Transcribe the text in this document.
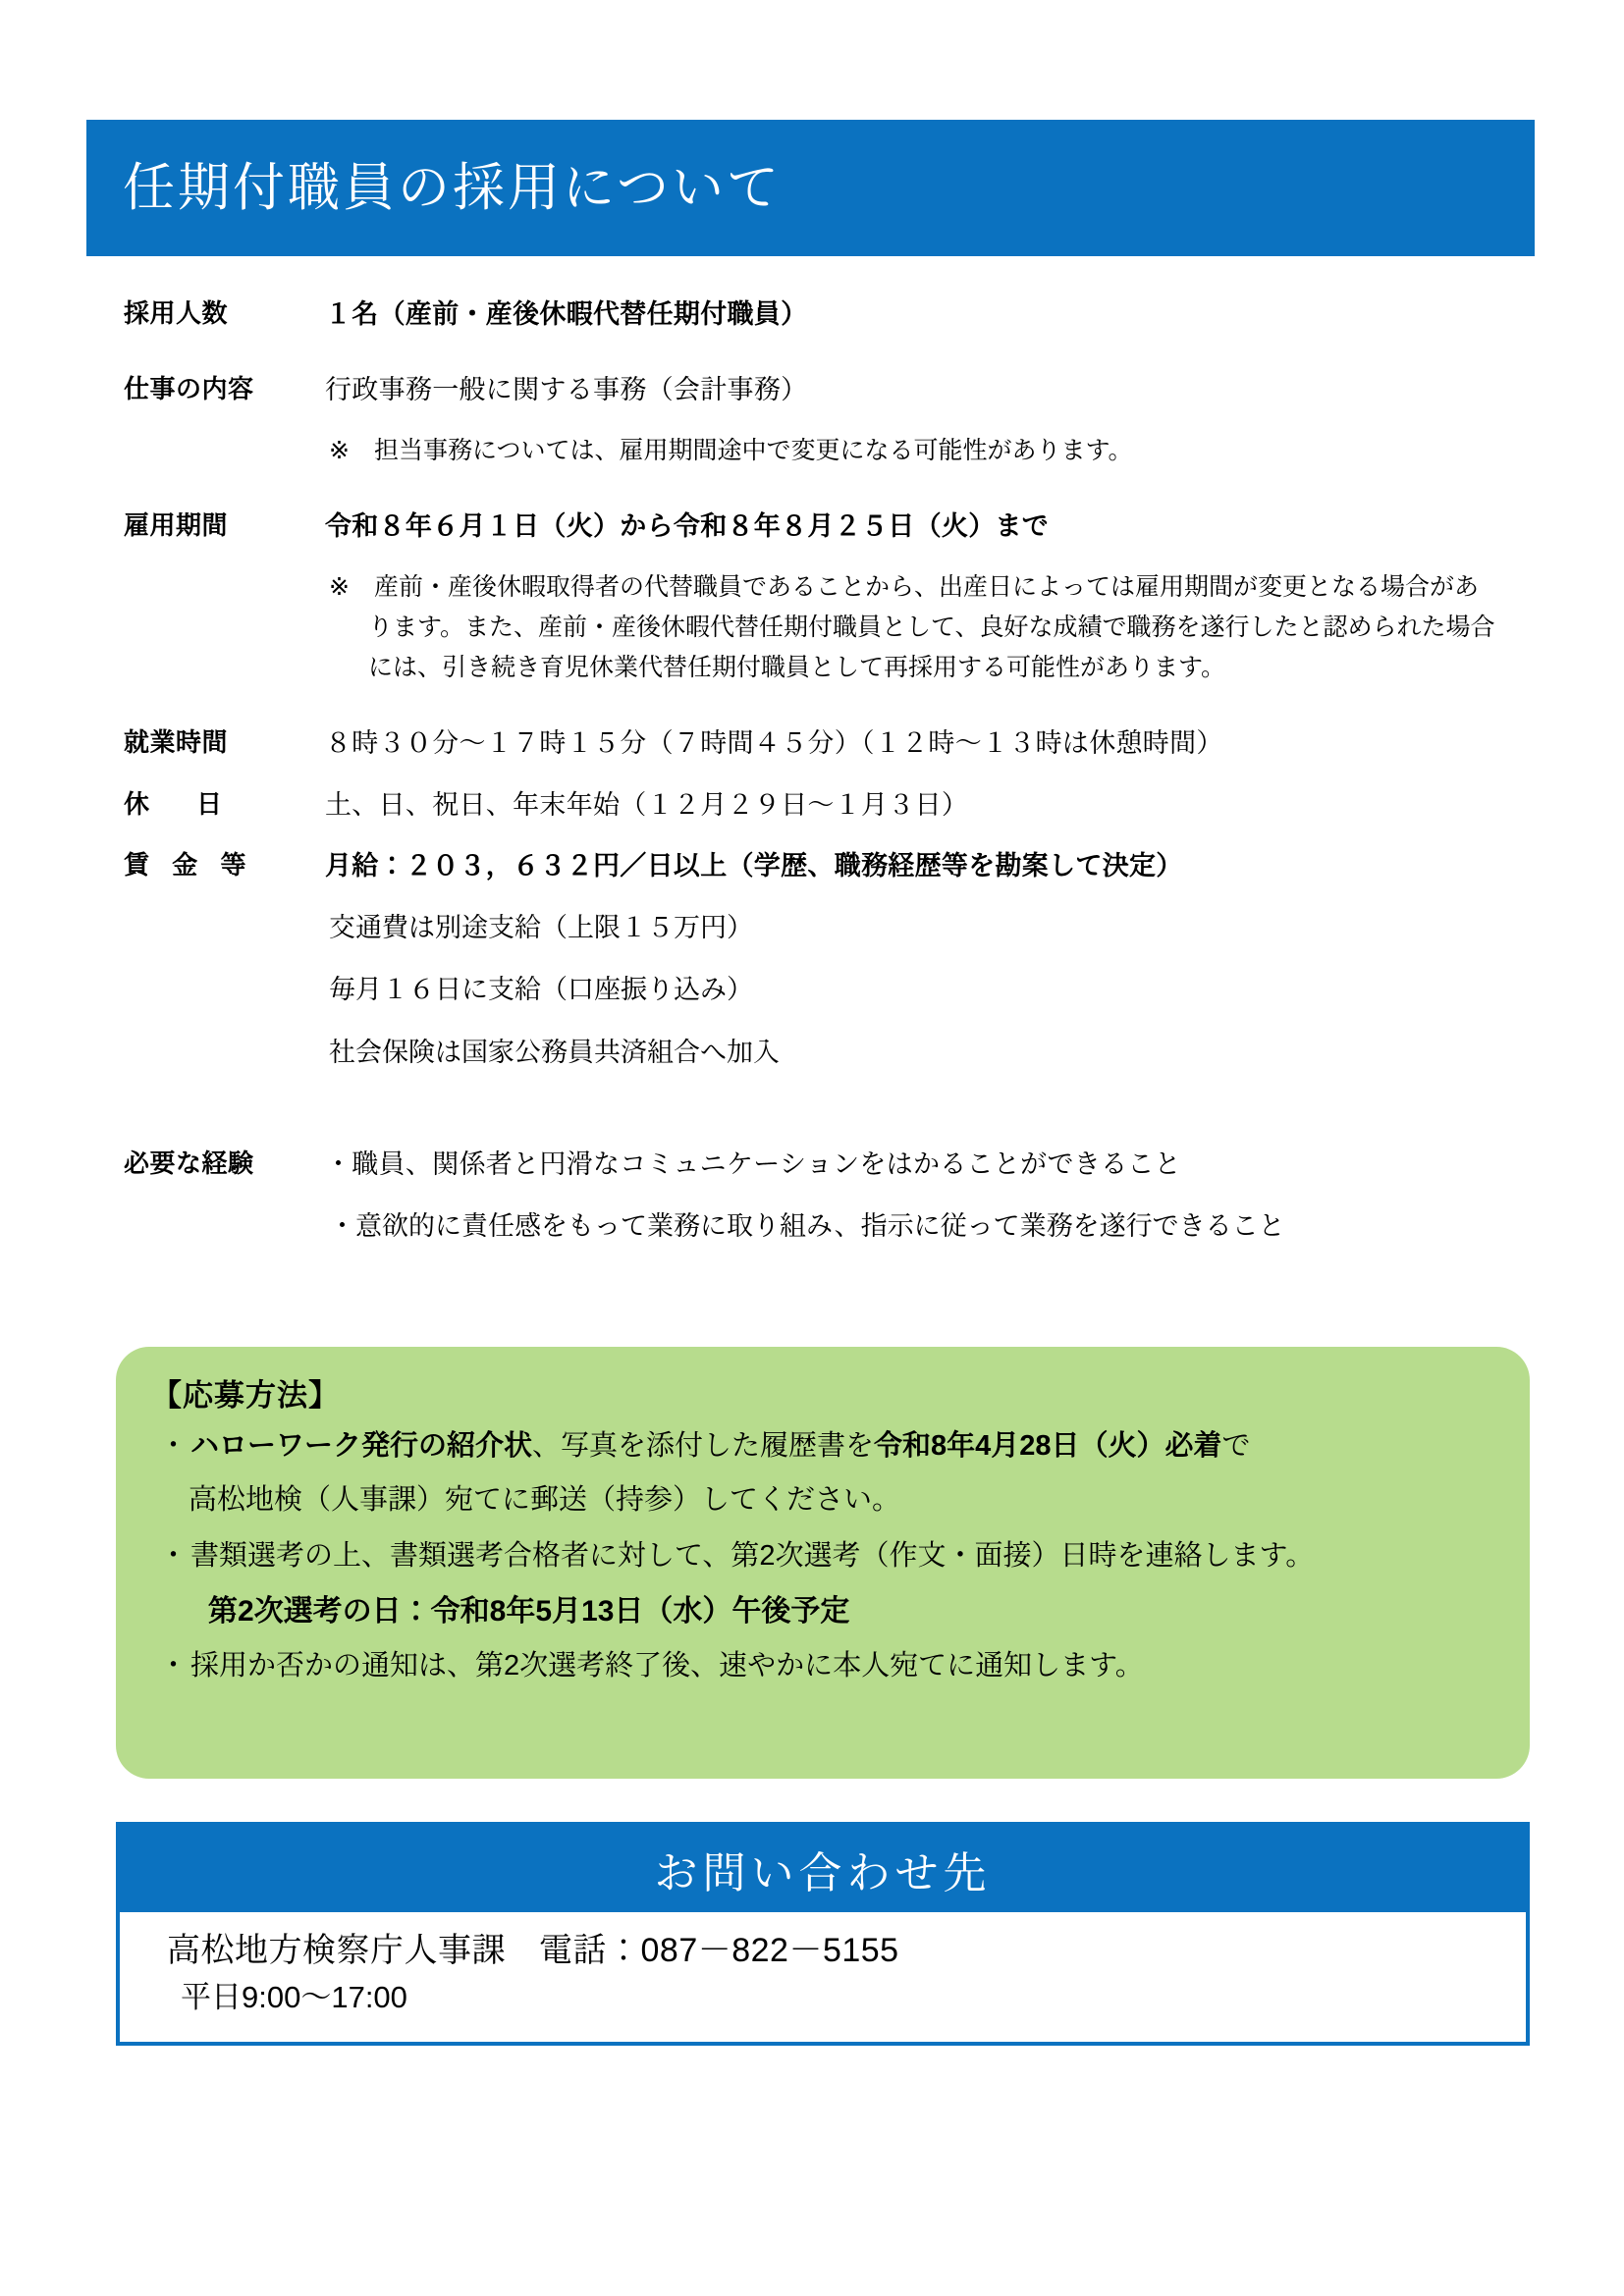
任期付職員の採用について
採用人数	１名（産前・産後休暇代替任期付職員）
仕事の内容	行政事務一般に関する事務（会計事務）
※　担当事務については、雇用期間途中で変更になる可能性があります。
雇用期間	令和８年６月１日（火）から令和８年８月２５日（火）まで
※　産前・産後休暇取得者の代替職員であることから、出産日によっては雇用期間が変更となる場合があります。また、産前・産後休暇代替任期付職員として、良好な成績で職務を遂行したと認められた場合には、引き続き育児休業代替任期付職員として再採用する可能性があります。
就業時間	８時３０分〜１７時１５分（７時間４５分）（１２時〜１３時は休憩時間）
休 日	土、日、祝日、年末年始（１２月２９日〜１月３日）
賃 金 等	月給：２０３，６３２円／日以上（学歴、職務経歴等を勘案して決定）
交通費は別途支給（上限１５万円）
毎月１６日に支給（口座振り込み）
社会保険は国家公務員共済組合へ加入
必要な経験	・職員、関係者と円滑なコミュニケーションをはかることができること
・意欲的に責任感をもって業務に取り組み、指示に従って業務を遂行できること
【応募方法】
・ ハローワーク発行の紹介状、写真を添付した履歴書を令和8年4月28日（火）必着で
高松地検（人事課）宛てに郵送（持参）してください。
・ 書類選考の上、書類選考合格者に対して、第2次選考（作文・面接）日時を連絡します。
第2次選考の日：令和8年5月13日（水）午後予定
・ 採用か否かの通知は、第2次選考終了後、速やかに本人宛てに通知します。
お問い合わせ先
高松地方検察庁人事課 電話：087－822－5155
平日9:00〜17:00
